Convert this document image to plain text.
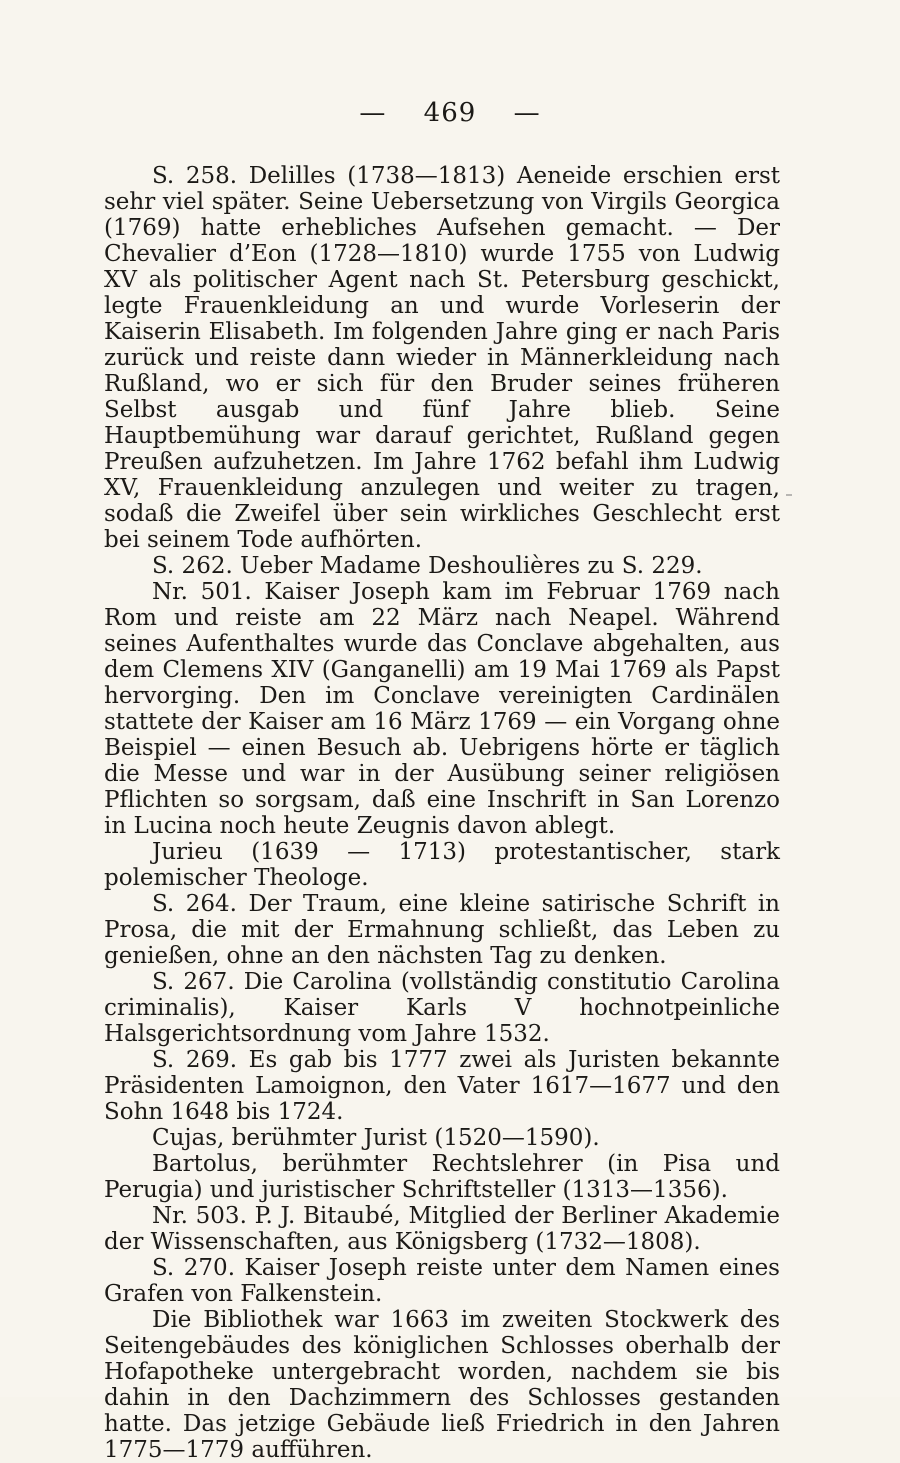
— 469 —

S. 258. Delilles (1738—1813) Aeneide erschien erst sehr viel später. Seine Uebersetzung von Virgils Georgica (1769) hatte erhebliches Aufsehen gemacht. — Der Chevalier d’Eon (1728—1810) wurde 1755 von Ludwig XV als politischer Agent nach St. Petersburg geschickt, legte Frauenkleidung an und wurde Vorleserin der Kaiserin Elisabeth. Im folgenden Jahre ging er nach Paris zurück und reiste dann wieder in Männerkleidung nach Rußland, wo er sich für den Bruder seines früheren Selbst ausgab und fünf Jahre blieb. Seine Hauptbemühung war darauf gerichtet, Rußland gegen Preußen aufzuhetzen. Im Jahre 1762 befahl ihm Ludwig XV, Frauenkleidung anzulegen und weiter zu tragen, sodaß die Zweifel über sein wirkliches Geschlecht erst bei seinem Tode aufhörten.

S. 262. Ueber Madame Deshoulières zu S. 229.

Nr. 501. Kaiser Joseph kam im Februar 1769 nach Rom und reiste am 22 März nach Neapel. Während seines Aufenthaltes wurde das Conclave abgehalten, aus dem Clemens XIV (Ganganelli) am 19 Mai 1769 als Papst hervorging. Den im Conclave vereinigten Cardinälen stattete der Kaiser am 16 März 1769 — ein Vorgang ohne Beispiel — einen Besuch ab. Uebrigens hörte er täglich die Messe und war in der Ausübung seiner religiösen Pflichten so sorgsam, daß eine Inschrift in San Lorenzo in Lucina noch heute Zeugnis davon ablegt.

Jurieu (1639 — 1713) protestantischer, stark polemischer Theologe.

S. 264. Der Traum, eine kleine satirische Schrift in Prosa, die mit der Ermahnung schließt, das Leben zu genießen, ohne an den nächsten Tag zu denken.

S. 267. Die Carolina (vollständig constitutio Carolina criminalis), Kaiser Karls V hochnotpeinliche Halsgerichtsordnung vom Jahre 1532.

S. 269. Es gab bis 1777 zwei als Juristen bekannte Präsidenten Lamoignon, den Vater 1617—1677 und den Sohn 1648 bis 1724.

Cujas, berühmter Jurist (1520—1590).

Bartolus, berühmter Rechtslehrer (in Pisa und Perugia) und juristischer Schriftsteller (1313—1356).

Nr. 503. P. J. Bitaubé, Mitglied der Berliner Akademie der Wissenschaften, aus Königsberg (1732—1808).

S. 270. Kaiser Joseph reiste unter dem Namen eines Grafen von Falkenstein.

Die Bibliothek war 1663 im zweiten Stockwerk des Seitengebäudes des königlichen Schlosses oberhalb der Hofapotheke untergebracht worden, nachdem sie bis dahin in den Dachzimmern des Schlosses gestanden hatte. Das jetzige Gebäude ließ Friedrich in den Jahren 1775—1779 aufführen.
